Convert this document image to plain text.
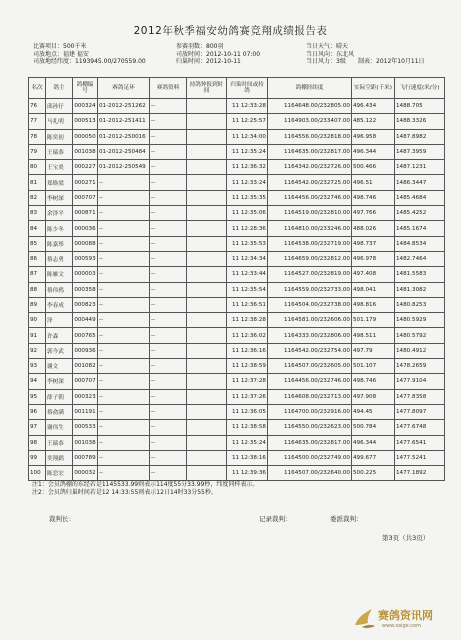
2012年秋季福安幼鸽赛竞翔成绩报告表
比赛项目：500千米
司放地点：福建 福安
司放地经纬度：1193945.00/270559.00
参赛羽数：800羽
司放时间：2012-10-11 07:00
归巢时间：2012-10-11
当日天气：晴天
当日风向：东北风
当日风力：3级	制表：2012年10月11日
名次	鸽主	鸽棚编号	赛鸽足环	赛鸽资料	持鸽钟报到时间	归巢时间或持鸽	鸽棚经纬度	实际空距(千米)	飞行速度(米/分)
76	邱孙仔	000324	01-2012-251262	--		11 12:33:28	1164648.00/232805.00	496.434	1488.705
77	马礼明	000513	01-2012-251411	--		11 12:25:57	1164903.00/233407.00	485.122	1488.3326
78	陈奕初	000050	01-2012-250016	--		11 12:34:00	1164556.00/232818.00	496.958	1487.8982
79	王瑞恭	001038	01-2012-250484	--		11 12:35:24	1164635.00/232817.00	496.344	1487.3959
80	王宝炎	000227	01-2012-250549	--		11 12:36:32	1164342.00/232726.00	500.466	1487.1231
81	郑焕梁	000271	--	--		11 12:33:24	1164542.00/232725.00	496.51	1486.3447
82	李树深	000707	--	--		11 12:35:35	1164456.00/232746.00	498.746	1485.4684
83	余泽平	000871	--	--		11 12:35:06	1164519.00/232810.00	497.766	1485.4252
84	陈少冬	000036	--	--		11 12:28:36	1164810.00/233246.00	488.026	1485.1674
85	陈嘉彤	000088	--	--		11 12:35:53	1164538.00/232719.00	498.737	1484.8534
86	蔡志勇	000593	--	--		11 12:34:34	1164659.00/232812.00	496.978	1482.7464
87	陈雁文	000003	--	--		11 12:33:44	1164527.00/232819.00	497.408	1481.5583
88	蔡伟鸦	000358	--	--		11 12:35:54	1164559.00/232733.00	498.041	1481.3082
89	李春成	000823	--	--		11 12:36:51	1164504.00/232738.00	498.816	1480.8253
90	泽	000449	--	--		11 12:38:28	1164581.00/232606.00	501.179	1480.5929
91	许森	000765	--	--		11 12:36:02	1164333.00/232806.00	498.511	1480.5792
92	郭今武	000936	--	--		11 12:36:16	1164542.00/232754.00	497.79	1480.4912
93	谢文	001082	--	--		11 12:38:59	1164507.00/232605.00	501.107	1478.2659
94	李树深	000707	--	--		11 12:37:28	1164456.00/232746.00	498.746	1477.9104
95	薛子朝	000323	--	--		11 12:37:26	1164608.00/232713.00	497.908	1477.8358
96	蔡俞满	001191	--	--		11 12:36:05	1164700.00/232916.00	494.45	1477.8097
97	谢伟生	000533	--	--		11 12:38:58	1164550.00/232623.00	500.784	1477.6748
98	王瑞恭	001038	--	--		11 12:35:24	1164635.00/232817.00	496.344	1477.6541
99	奕翔鹞	000789	--	--		11 12:38:16	1164500.00/232749.00	499.677	1477.5241
100	陈恋宏	000032	--	--		11 12:39:36	1164507.00/232640.00	500.225	1477.1892
注1：会员鸽棚的东经若是1145533.99则表示114度55分33.99秒，纬度同样表示。
注2：会员鸽归巢时间若是12 14:33:55则表示12日14时33分55秒。
裁判长：	记录裁判：	委派裁判：
第3页（共3页）
赛鸽资讯网
www.saige.com
